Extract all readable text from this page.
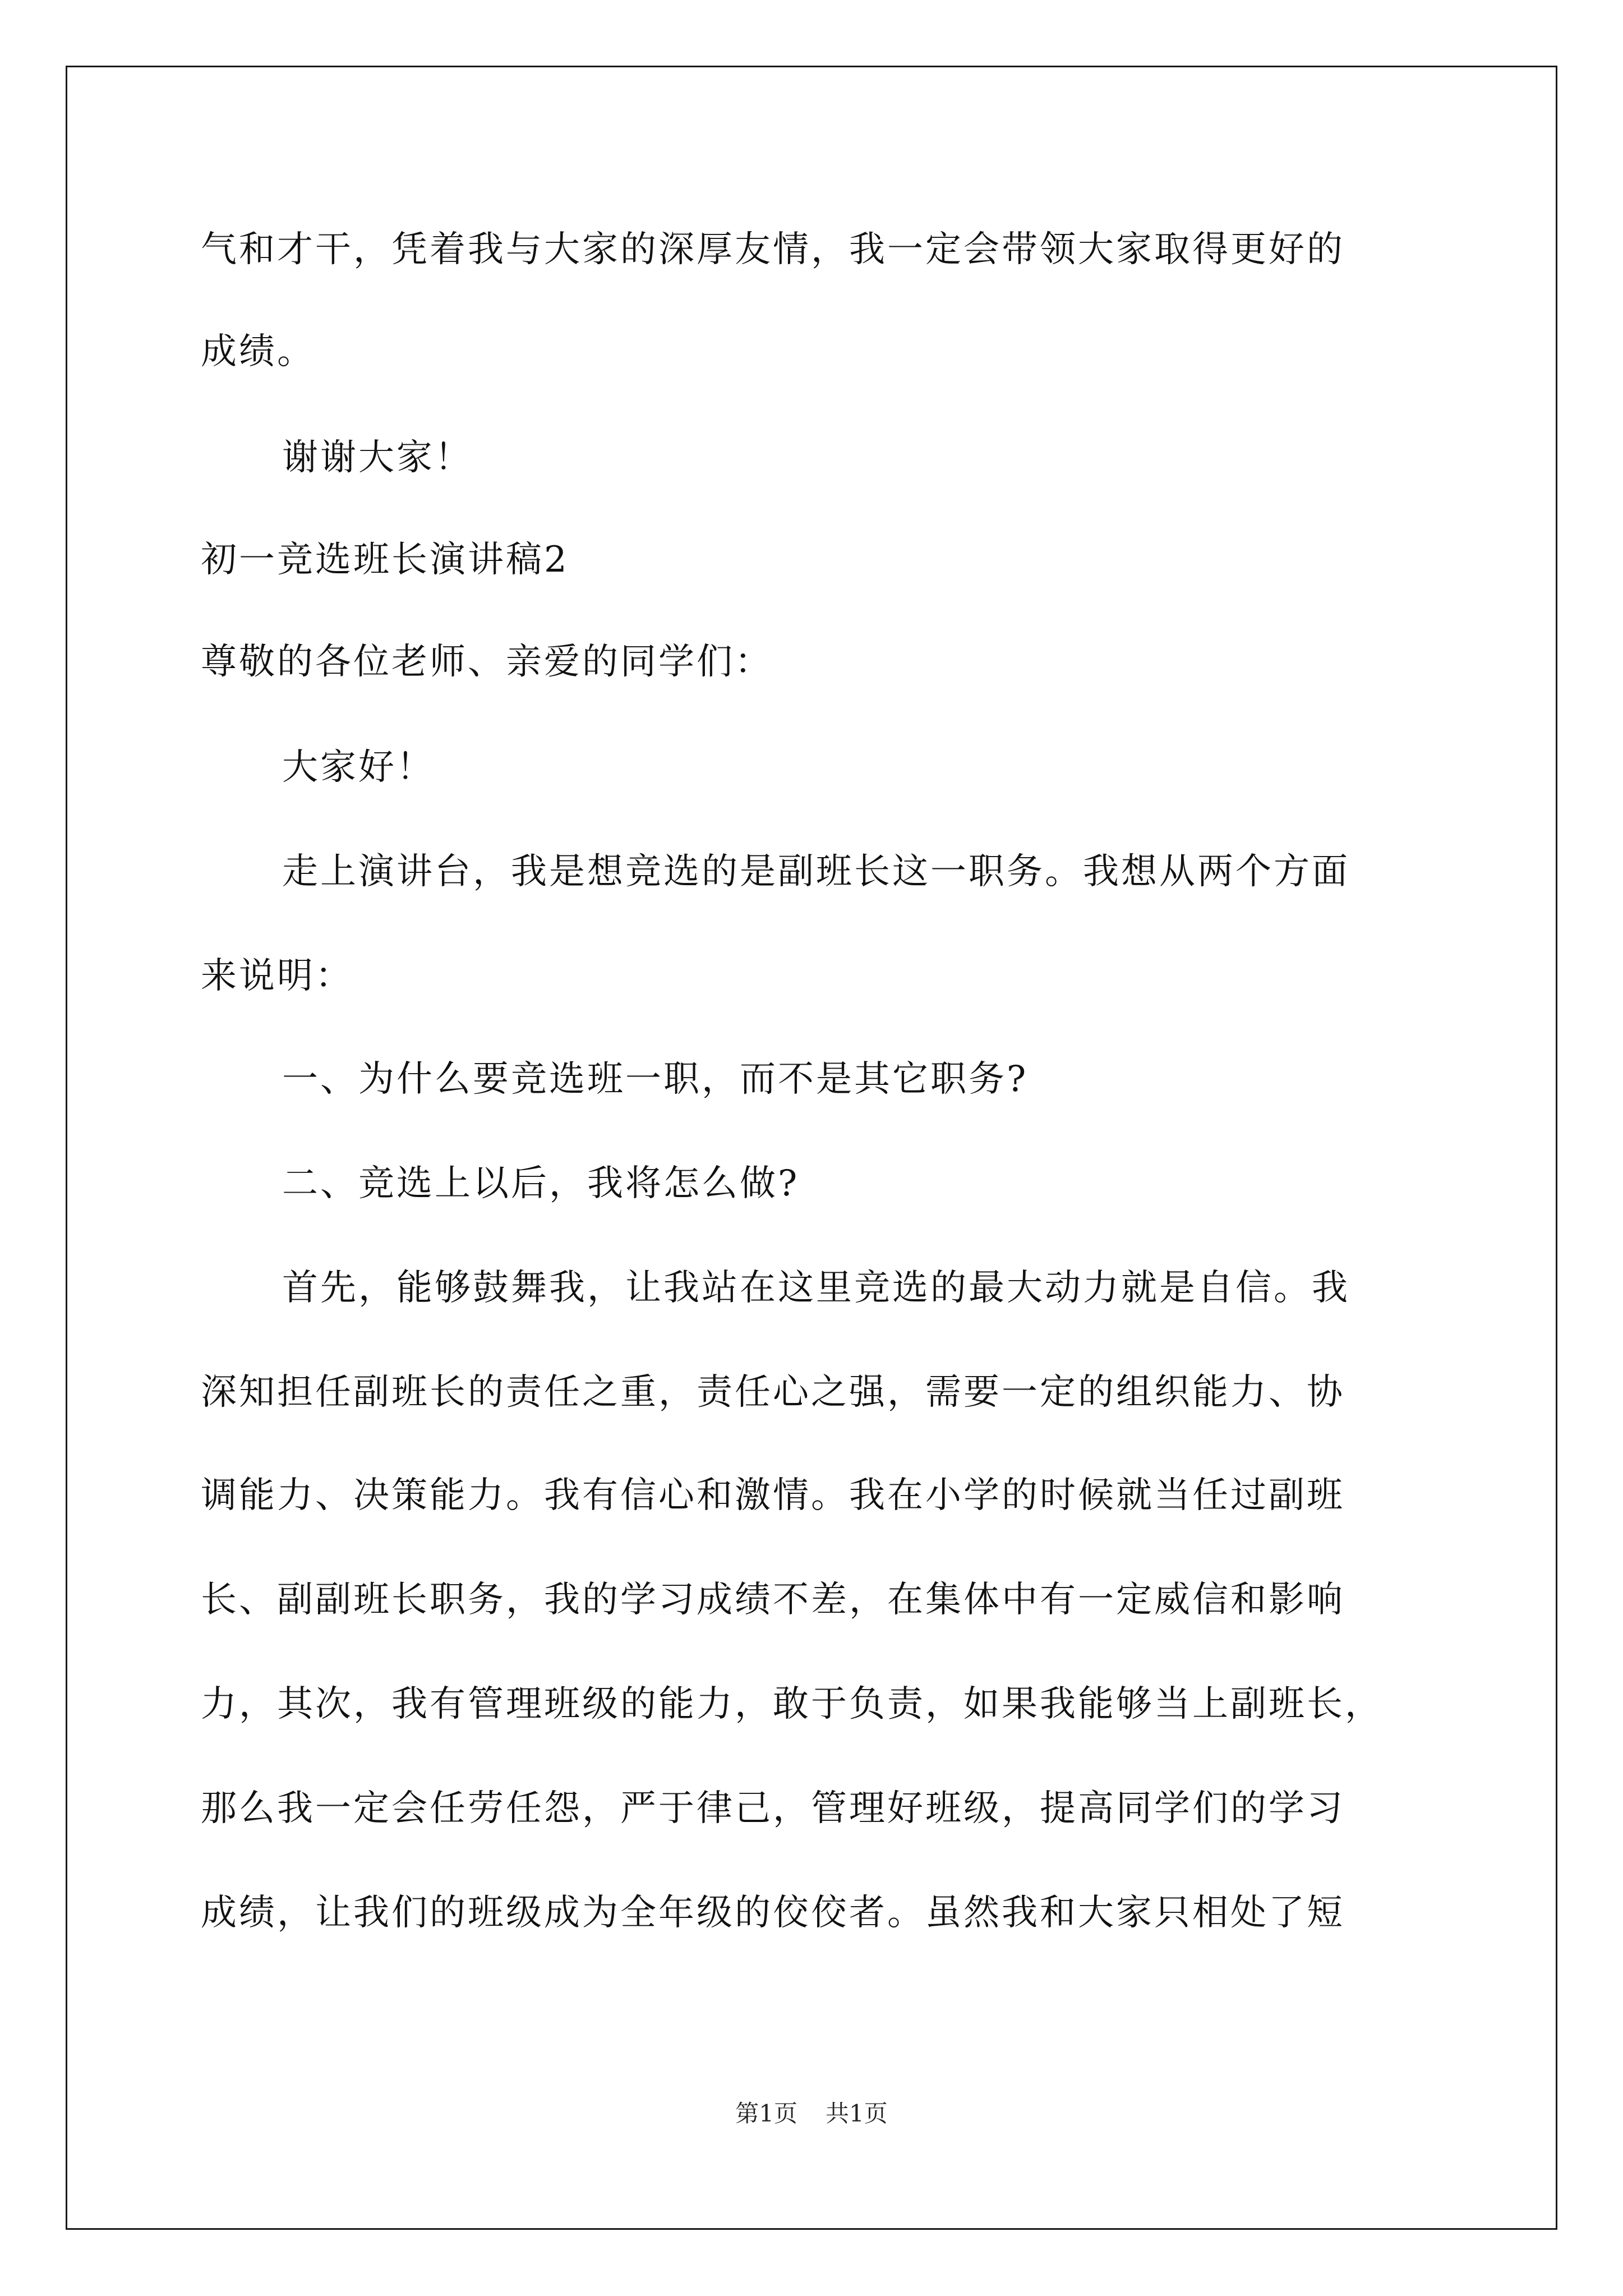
气和才干，凭着我与大家的深厚友情，我一定会带领大家取得更好的
成绩。
谢谢大家！
初一竞选班长演讲稿2
尊敬的各位老师、亲爱的同学们：
大家好！
走上演讲台，我是想竞选的是副班长这一职务。我想从两个方面
来说明：
一、为什么要竞选班一职，而不是其它职务?
二、竞选上以后，我将怎么做?
首先，能够鼓舞我，让我站在这里竞选的最大动力就是自信。我
深知担任副班长的责任之重，责任心之强，需要一定的组织能力、协
调能力、决策能力。我有信心和激情。我在小学的时候就当任过副班
长、副副班长职务，我的学习成绩不差，在集体中有一定威信和影响
力，其次，我有管理班级的能力，敢于负责，如果我能够当上副班长，
那么我一定会任劳任怨，严于律己，管理好班级，提高同学们的学习
成绩，让我们的班级成为全年级的佼佼者。虽然我和大家只相处了短
第1页 共1页
